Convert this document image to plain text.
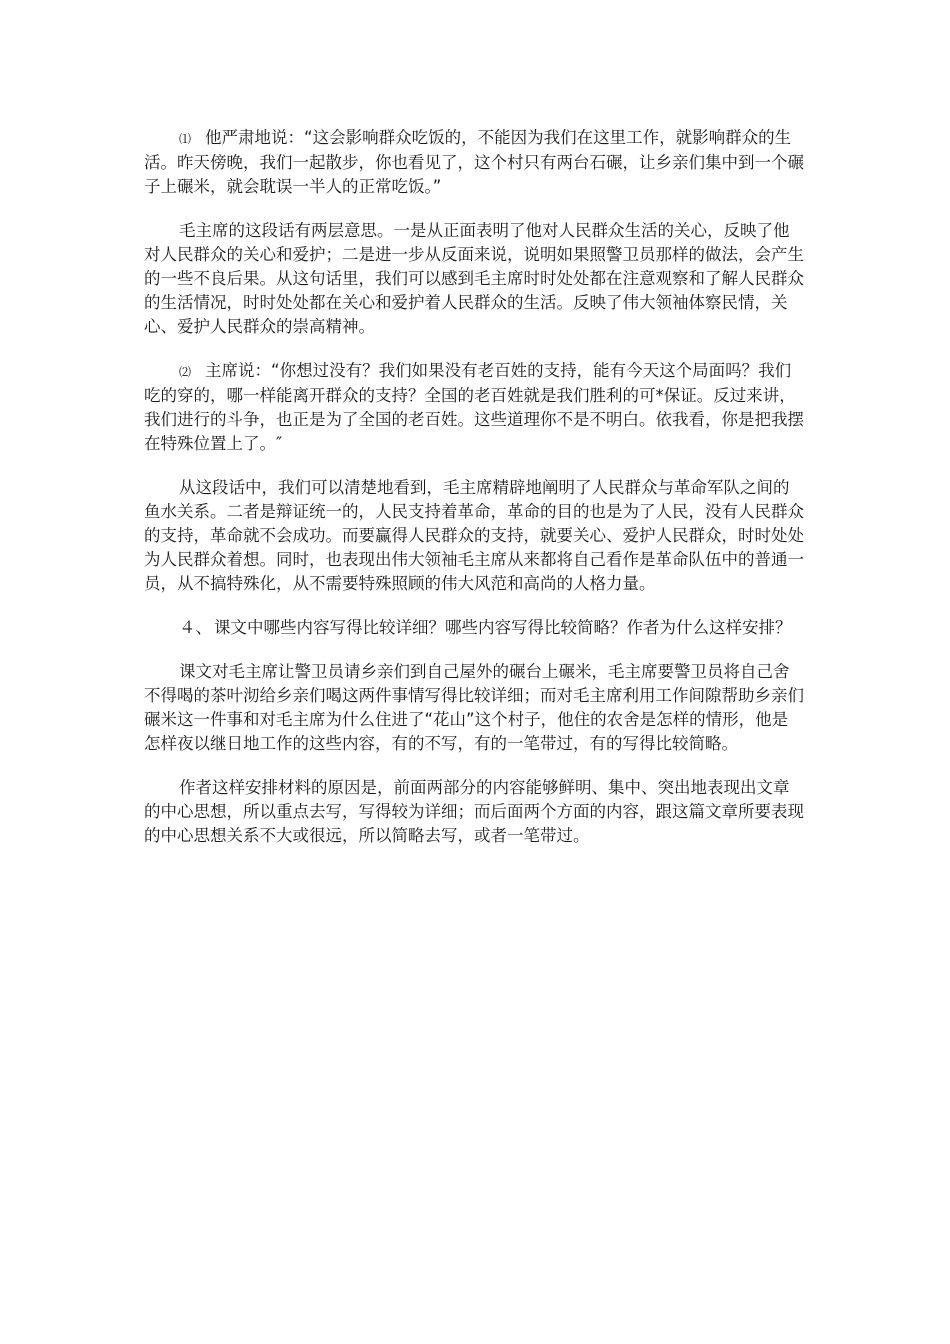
⑴ 他严肃地说：“这会影响群众吃饭的，不能因为我们在这里工作，就影响群众的生活。昨天傍晚，我们一起散步，你也看见了，这个村只有两台石碾，让乡亲们集中到一个碾子上碾米，就会耽误一半人的正常吃饭。”

毛主席的这段话有两层意思。一是从正面表明了他对人民群众生活的关心，反映了他对人民群众的关心和爱护；二是进一步从反面来说，说明如果照警卫员那样的做法，会产生的一些不良后果。从这句话里，我们可以感到毛主席时时处处都在注意观察和了解人民群众的生活情况，时时处处都在关心和爱护着人民群众的生活。反映了伟大领袖体察民情，关心、爱护人民群众的崇高精神。

⑵ 主席说：“你想过没有？我们如果没有老百姓的支持，能有今天这个局面吗？我们吃的穿的，哪一样能离开群众的支持？全国的老百姓就是我们胜利的可*保证。反过来讲，我们进行的斗争，也正是为了全国的老百姓。这些道理你不是不明白。依我看，你是把我摆在特殊位置上了。″

从这段话中，我们可以清楚地看到，毛主席精辟地阐明了人民群众与革命军队之间的鱼水关系。二者是辩证统一的，人民支持着革命，革命的目的也是为了人民，没有人民群众的支持，革命就不会成功。而要赢得人民群众的支持，就要关心、爱护人民群众，时时处处为人民群众着想。同时，也表现出伟大领袖毛主席从来都将自己看作是革命队伍中的普通一员，从不搞特殊化，从不需要特殊照顾的伟大风范和高尚的人格力量。

４、 课文中哪些内容写得比较详细？哪些内容写得比较简略？作者为什么这样安排？

课文对毛主席让警卫员请乡亲们到自己屋外的碾台上碾米，毛主席要警卫员将自己舍不得喝的茶叶沏给乡亲们喝这两件事情写得比较详细；而对毛主席利用工作间隙帮助乡亲们碾米这一件事和对毛主席为什么住进了“花山”这个村子，他住的农舍是怎样的情形，他是怎样夜以继日地工作的这些内容，有的不写，有的一笔带过，有的写得比较简略。

作者这样安排材料的原因是，前面两部分的内容能够鲜明、集中、突出地表现出文章的中心思想，所以重点去写，写得较为详细；而后面两个方面的内容，跟这篇文章所要表现的中心思想关系不大或很远，所以简略去写，或者一笔带过。
